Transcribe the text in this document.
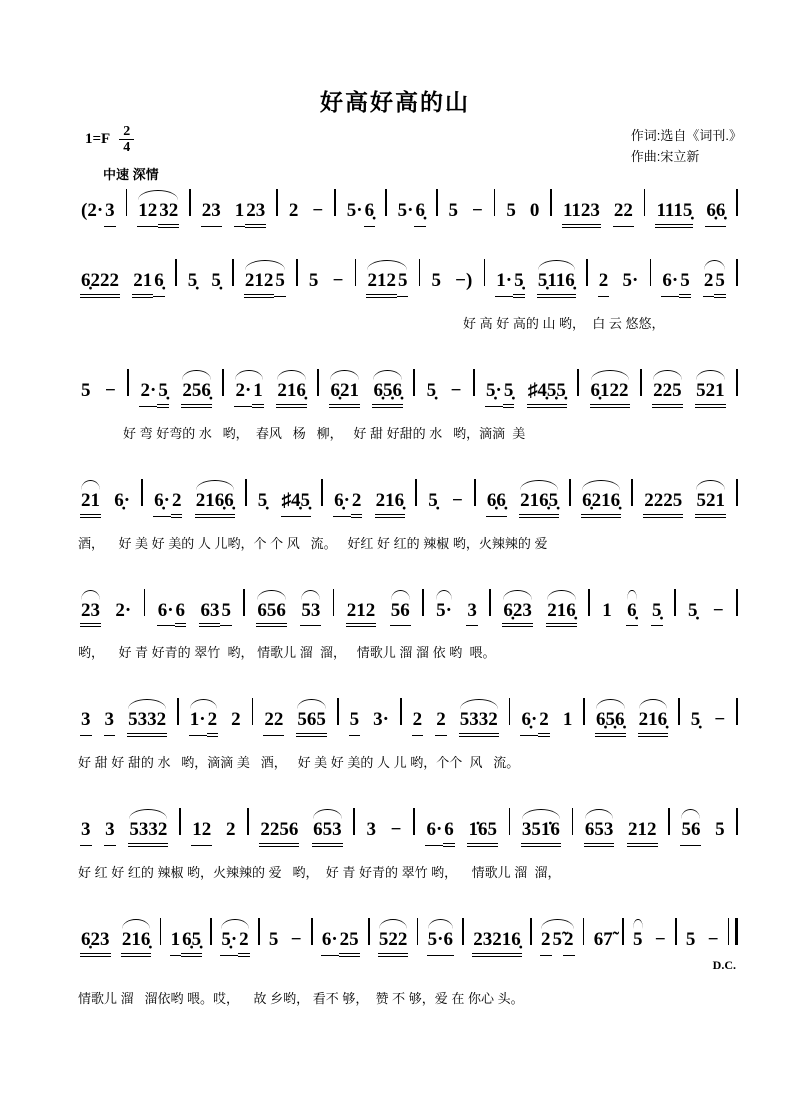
好高好高的山
$1=F \frac{2}{4}$
中速 深情
作词:选自《词刊.》
作曲:宋立新
(2· 3 12 32 23 1 23 2 − 5· 6̣ 5· 6̣ 5 − 5 0 1123 22 1115̣ 6̣6̣
6̣222 21 6̣ 5̣ 5̣ 212 5 5 − 212 5 5 −) 1· 5̣ 5̣116̣ 2 5· 6· 5 2 5
好 高 好 高的 山 哟，  白 云 悠悠，
5 − 2· 5̣ 256̣ 2· 1 216̣ 6̣21 6̣5̣6̣ 5̣ − 5̣· 5̣ ♯4̣5̣5̣ 6̣122 225 521
好 弯 好弯的 水   哟，  春风   杨   柳，   好 甜 好甜的 水   哟，滴滴  美
21 6̣· 6̣· 2 216̣6̣ 5̣ ♯4̣5̣ 6̣· 2 216̣ 5̣ − 6̣6̣ 216̣5̣ 6̣216̣ 2225 521
酒，    好 美 好 美的 人 儿哟，个 个 风   流。   好红 好 红的 辣椒 哟，火辣辣的 爱
23 2· 6· 6 63 5 656 53 212 56 5· 3 6̣23 216̣ 1 6̣ 5̣ 5̣ −
哟，    好 青 好青的 翠竹  哟， 情歌儿 溜  溜，   情歌儿 溜 溜 依 哟  喂。
3 3 5332 1· 2 2 22 565 5 3· 2 2 5332 6̣· 2 1 6̣5̣6̣ 216̣ 5̣ −
好 甜 好 甜的 水   哟，滴滴 美   酒，   好 美 好 美的 人 儿 哟，个个  风   流。
3 3 5332 12 2 2256 653 3 − 6· 6 1̇65 351̇6 653 212 56 5
好 红 好 红的 辣椒 哟，火辣辣的 爱   哟，  好 青 好青的 翠竹 哟，    情歌儿 溜  溜，
6̣23 216̣ 1 6̣5̣ 5̣· 2 5 − 6· 25 522 5·6 23216̣ 2 5̃ 2 67̃ 5 − 5 −
D.C.
情歌儿 溜   溜依哟 喂。哎，    故 乡哟， 看不 够，  赞 不 够，爱 在 你心 头。
